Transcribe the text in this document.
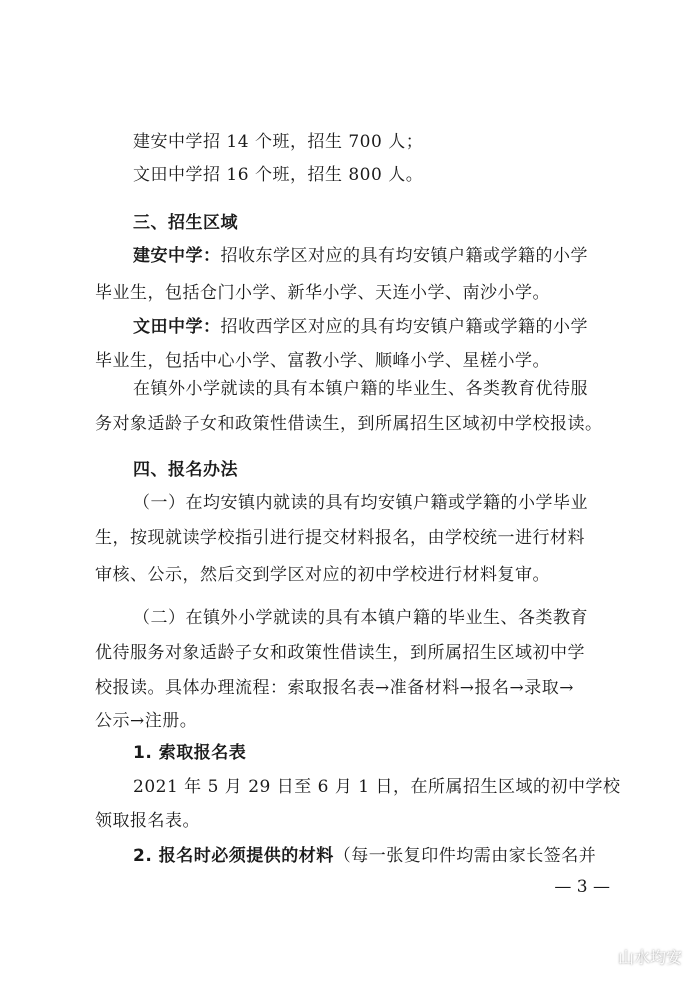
建安中学招 14 个班，招生 700 人；
文田中学招 16 个班，招生 800 人。
三、招生区域
建安中学：招收东学区对应的具有均安镇户籍或学籍的小学
毕业生，包括仓门小学、新华小学、天连小学、南沙小学。
文田中学：招收西学区对应的具有均安镇户籍或学籍的小学
毕业生，包括中心小学、富教小学、顺峰小学、星槎小学。
在镇外小学就读的具有本镇户籍的毕业生、各类教育优待服
务对象适龄子女和政策性借读生，到所属招生区域初中学校报读。
四、报名办法
（一）在均安镇内就读的具有均安镇户籍或学籍的小学毕业
生，按现就读学校指引进行提交材料报名，由学校统一进行材料
审核、公示，然后交到学区对应的初中学校进行材料复审。
（二）在镇外小学就读的具有本镇户籍的毕业生、各类教育
优待服务对象适龄子女和政策性借读生，到所属招生区域初中学
校报读。具体办理流程：索取报名表→准备材料→报名→录取→
公示→注册。
1. 索取报名表
2021 年 5 月 29 日至 6 月 1 日，在所属招生区域的初中学校
领取报名表。
2. 报名时必须提供的材料（每一张复印件均需由家长签名并
— 3 —
山水均安
